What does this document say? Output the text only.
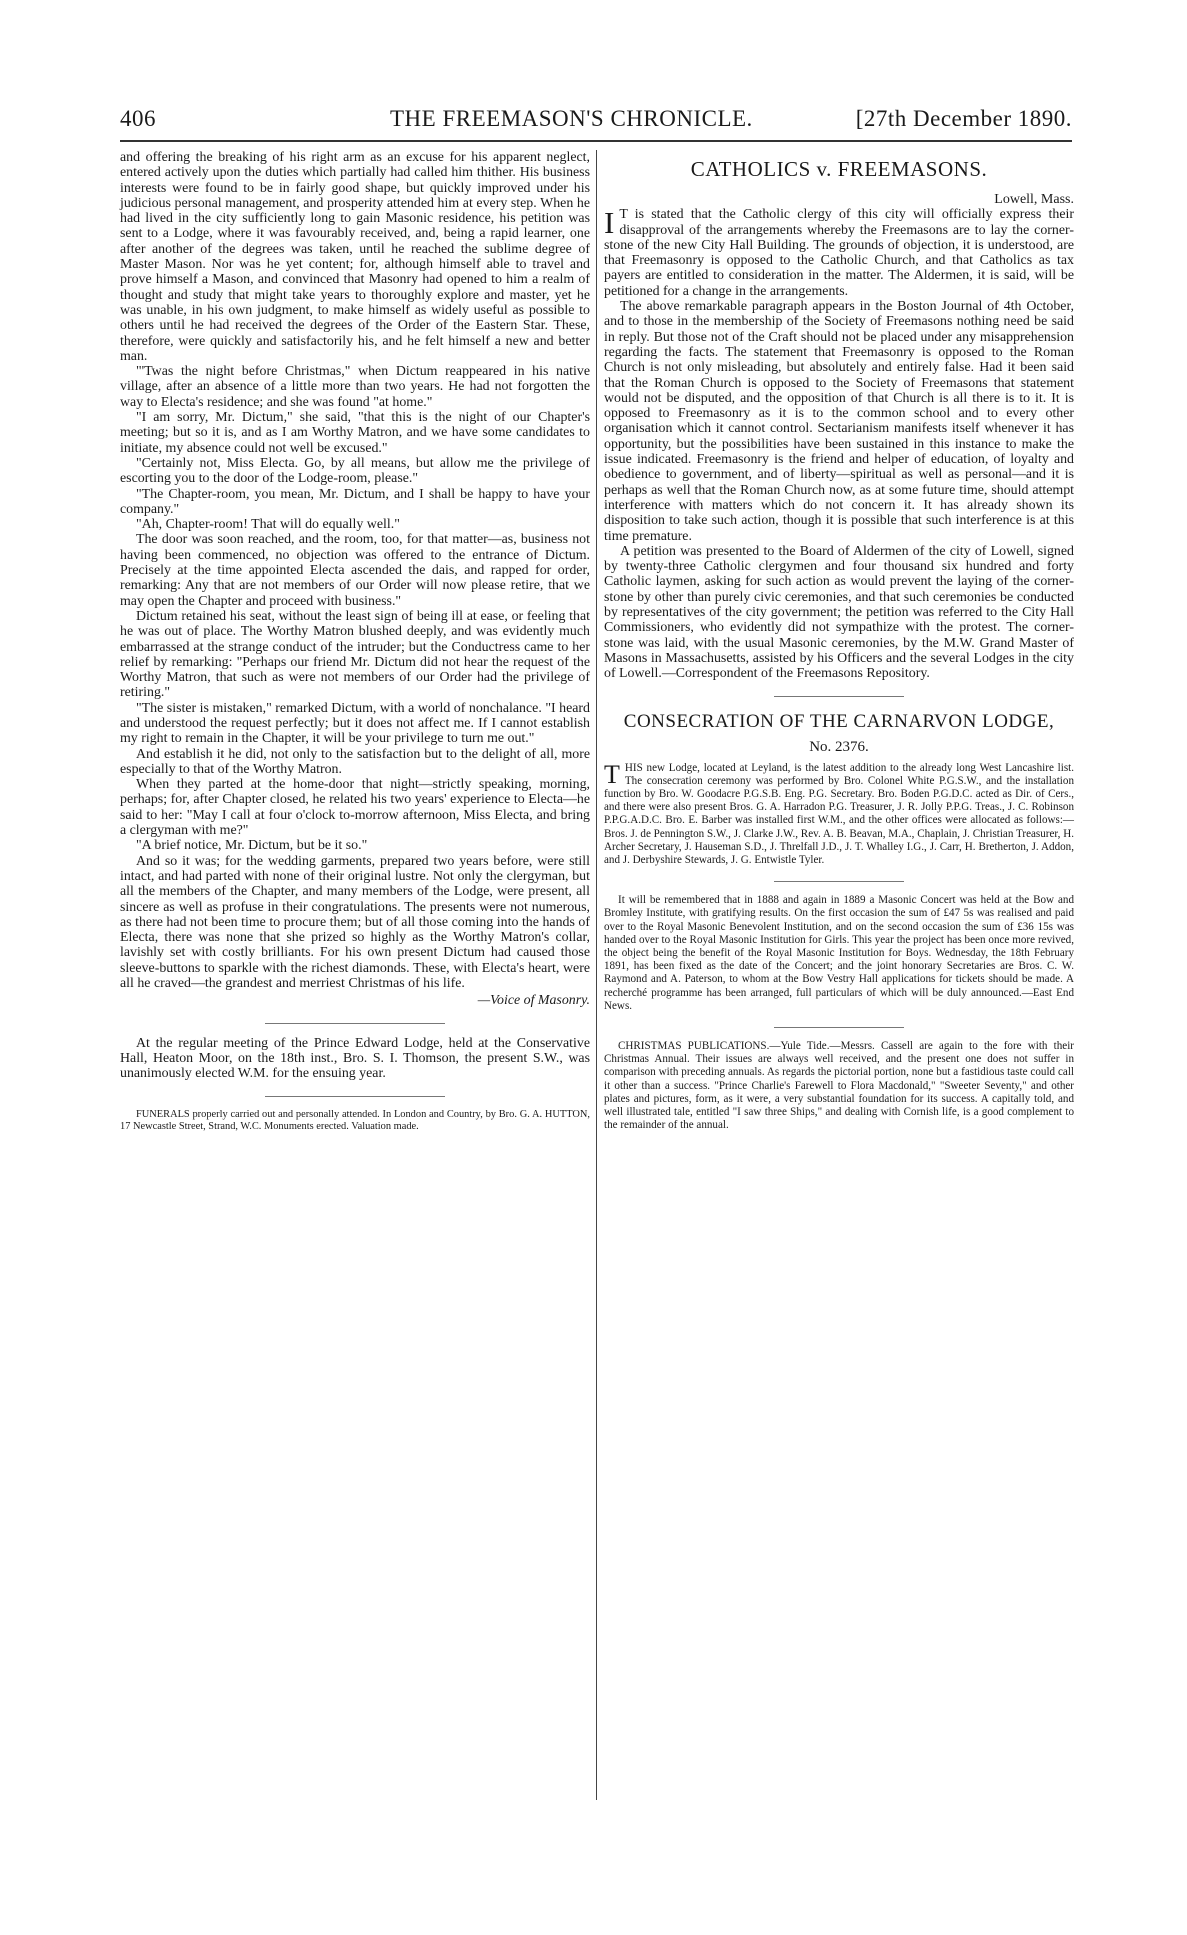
406	THE FREEMASON'S CHRONICLE.	[27th December 1890.

and offering the breaking of his right arm as an excuse for his apparent neglect, entered actively upon the duties which partially had called him thither. His business interests were found to be in fairly good shape, but quickly improved under his judicious personal management, and prosperity attended him at every step. When he had lived in the city sufficiently long to gain Masonic residence, his petition was sent to a Lodge, where it was favourably received, and, being a rapid learner, one after another of the degrees was taken, until he reached the sublime degree of Master Mason. Nor was he yet content; for, although himself able to travel and prove himself a Mason, and convinced that Masonry had opened to him a realm of thought and study that might take years to thoroughly explore and master, yet he was unable, in his own judgment, to make himself as widely useful as possible to others until he had received the degrees of the Order of the Eastern Star. These, therefore, were quickly and satisfactorily his, and he felt himself a new and better man.

"'Twas the night before Christmas," when Dictum reappeared in his native village, after an absence of a little more than two years. He had not forgotten the way to Electa's residence; and she was found "at home."

"I am sorry, Mr. Dictum," she said, "that this is the night of our Chapter's meeting; but so it is, and as I am Worthy Matron, and we have some candidates to initiate, my absence could not well be excused."

"Certainly not, Miss Electa. Go, by all means, but allow me the privilege of escorting you to the door of the Lodge-room, please."

"The Chapter-room, you mean, Mr. Dictum, and I shall be happy to have your company."

"Ah, Chapter-room! That will do equally well."

The door was soon reached, and the room, too, for that matter—as, business not having been commenced, no objection was offered to the entrance of Dictum. Precisely at the time appointed Electa ascended the dais, and rapped for order, remarking: Any that are not members of our Order will now please retire, that we may open the Chapter and proceed with business."

Dictum retained his seat, without the least sign of being ill at ease, or feeling that he was out of place. The Worthy Matron blushed deeply, and was evidently much embarrassed at the strange conduct of the intruder; but the Conductress came to her relief by remarking: "Perhaps our friend Mr. Dictum did not hear the request of the Worthy Matron, that such as were not members of our Order had the privilege of retiring."

"The sister is mistaken," remarked Dictum, with a world of nonchalance. "I heard and understood the request perfectly; but it does not affect me. If I cannot establish my right to remain in the Chapter, it will be your privilege to turn me out."

And establish it he did, not only to the satisfaction but to the delight of all, more especially to that of the Worthy Matron.

When they parted at the home-door that night—strictly speaking, morning, perhaps; for, after Chapter closed, he related his two years' experience to Electa—he said to her: "May I call at four o'clock to-morrow afternoon, Miss Electa, and bring a clergyman with me?"

"A brief notice, Mr. Dictum, but be it so."

And so it was; for the wedding garments, prepared two years before, were still intact, and had parted with none of their original lustre. Not only the clergyman, but all the members of the Chapter, and many members of the Lodge, were present, all sincere as well as profuse in their congratulations. The presents were not numerous, as there had not been time to procure them; but of all those coming into the hands of Electa, there was none that she prized so highly as the Worthy Matron's collar, lavishly set with costly brilliants. For his own present Dictum had caused those sleeve-buttons to sparkle with the richest diamonds. These, with Electa's heart, were all he craved—the grandest and merriest Christmas of his life.

—Voice of Masonry.

At the regular meeting of the Prince Edward Lodge, held at the Conservative Hall, Heaton Moor, on the 18th inst., Bro. S. I. Thomson, the present S.W., was unanimously elected W.M. for the ensuing year.

FUNERALS properly carried out and personally attended. In London and Country, by Bro. G. A. HUTTON, 17 Newcastle Street, Strand, W.C. Monuments erected. Valuation made.

CATHOLICS v. FREEMASONS.
Lowell, Mass.

I T is stated that the Catholic clergy of this city will officially express their disapproval of the arrangements whereby the Freemasons are to lay the corner-stone of the new City Hall Building. The grounds of objection, it is understood, are that Freemasonry is opposed to the Catholic Church, and that Catholics as tax payers are entitled to consideration in the matter. The Aldermen, it is said, will be petitioned for a change in the arrangements.

The above remarkable paragraph appears in the Boston Journal of 4th October, and to those in the membership of the Society of Freemasons nothing need be said in reply. But those not of the Craft should not be placed under any misapprehension regarding the facts. The statement that Freemasonry is opposed to the Roman Church is not only misleading, but absolutely and entirely false. Had it been said that the Roman Church is opposed to the Society of Freemasons that statement would not be disputed, and the opposition of that Church is all there is to it. It is opposed to Freemasonry as it is to the common school and to every other organisation which it cannot control. Sectarianism manifests itself whenever it has opportunity, but the possibilities have been sustained in this instance to make the issue indicated. Freemasonry is the friend and helper of education, of loyalty and obedience to government, and of liberty—spiritual as well as personal—and it is perhaps as well that the Roman Church now, as at some future time, should attempt interference with matters which do not concern it. It has already shown its disposition to take such action, though it is possible that such interference is at this time premature.

A petition was presented to the Board of Aldermen of the city of Lowell, signed by twenty-three Catholic clergymen and four thousand six hundred and forty Catholic laymen, asking for such action as would prevent the laying of the corner-stone by other than purely civic ceremonies, and that such ceremonies be conducted by representatives of the city government; the petition was referred to the City Hall Commissioners, who evidently did not sympathize with the protest. The corner-stone was laid, with the usual Masonic ceremonies, by the M.W. Grand Master of Masons in Massachusetts, assisted by his Officers and the several Lodges in the city of Lowell.—Correspondent of the Freemasons Repository.

CONSECRATION OF THE CARNARVON LODGE,
No. 2376.

THIS new Lodge, located at Leyland, is the latest addition to the already long West Lancashire list. The consecration ceremony was performed by Bro. Colonel White P.G.S.W., and the installation function by Bro. W. Goodacre P.G.S.B. Eng. P.G. Secretary. Bro. Boden P.G.D.C. acted as Dir. of Cers., and there were also present Bros. G. A. Harradon P.G. Treasurer, J. R. Jolly P.P.G. Treas., J. C. Robinson P.P.G.A.D.C. Bro. E. Barber was installed first W.M., and the other offices were allocated as follows:—Bros. J. de Pennington S.W., J. Clarke J.W., Rev. A. B. Beavan, M.A., Chaplain, J. Christian Treasurer, H. Archer Secretary, J. Hauseman S.D., J. Threlfall J.D., J. T. Whalley I.G., J. Carr, H. Bretherton, J. Addon, and J. Derbyshire Stewards, J. G. Entwistle Tyler.

It will be remembered that in 1888 and again in 1889 a Masonic Concert was held at the Bow and Bromley Institute, with gratifying results. On the first occasion the sum of £47 5s was realised and paid over to the Royal Masonic Benevolent Institution, and on the second occasion the sum of £36 15s was handed over to the Royal Masonic Institution for Girls. This year the project has been once more revived, the object being the benefit of the Royal Masonic Institution for Boys. Wednesday, the 18th February 1891, has been fixed as the date of the Concert; and the joint honorary Secretaries are Bros. C. W. Raymond and A. Paterson, to whom at the Bow Vestry Hall applications for tickets should be made. A recherché programme has been arranged, full particulars of which will be duly announced.—East End News.

CHRISTMAS PUBLICATIONS.—Yule Tide.—Messrs. Cassell are again to the fore with their Christmas Annual. Their issues are always well received, and the present one does not suffer in comparison with preceding annuals. As regards the pictorial portion, none but a fastidious taste could call it other than a success. "Prince Charlie's Farewell to Flora Macdonald," "Sweeter Seventy," and other plates and pictures, form, as it were, a very substantial foundation for its success. A capitally told, and well illustrated tale, entitled "I saw three Ships," and dealing with Cornish life, is a good complement to the remainder of the annual.
